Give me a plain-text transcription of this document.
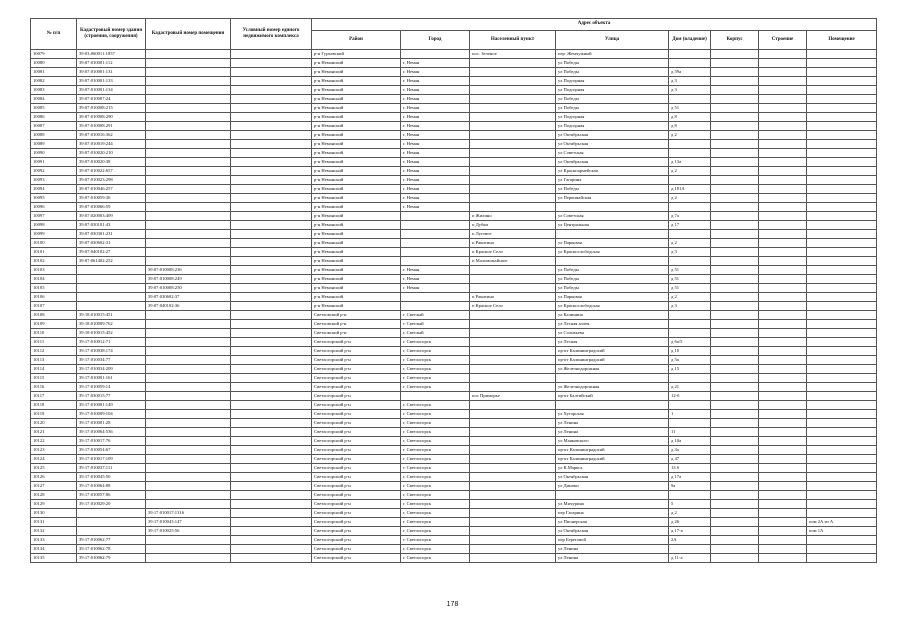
№ п/п	Кадастровый номер здания (строения, сооружения)	Кадастровый номер помещения	Условный номер единого недвижимого комплекса	Адрес объекта							
				Район	Город	Населенный пункт	Улица	Дом (владение)	Корпус	Строение	Помещение
10079	39:03:060011:1857			р-н Гурьевский		пос. Зеленое	пер. Жемчужный				
10080	39:07:010001:112			р-н Неманский	г. Неман		ул Победы				
10081	39:07:010001:131			р-н Неманский	г. Неман		ул Победы	д 59а			
10082	39:07:010001:133			р-н Неманский	г. Неман		ул Подгорная	д 3			
10083	39:07:010001:134			р-н Неманский	г. Неман		ул Подгорная	д 3			
10084	39:07:010007:24			р-н Неманский	г. Неман		ул Победы				
10085	39:07:010008:215			р-н Неманский	г. Неман		ул Победы	д 51			
10086	39:07:010008:290			р-н Неманский	г. Неман		ул Подгорная	д 8			
10087	39:07:010008:291			р-н Неманский	г. Неман		ул Подгорная	д 8			
10088	39:07:010016:362			р-н Неманский	г. Неман		ул Октябрьская	д 2			
10089	39:07:010019:244			р-н Неманский	г. Неман		ул Октябрьская				
10090	39:07:010020:210			р-н Неманский	г. Неман		ул Советская				
10091	39:07:010020:38			р-н Неманский	г. Неман		ул Октябрьская	д 13а			
10092	39:07:010022:657			р-н Неманский	г. Неман		ул Красноармейская	д 2			
10093	39:07:010023:298			р-н Неманский	г. Неман		ул Гагарина				
10094	39:07:010046:257			р-н Неманский	г. Неман		ул Победы	д 181А			
10095	39:07:010059:36			р-н Неманский	г. Неман		ул Первомайская	д 2			
10096	39:07:010066:59			р-н Неманский	г. Неман						
10097	39:07:020003:409			р-н Неманский		п Жилино	ул Советская	д 7а			
10098	39:07:030101:43			р-н Неманский		п Дубки	ул Центральная	д 17			
10099	39:07:030301:231			р-н Неманский		п Луговое					
10100	39:07:030602:31			р-н Неманский		п Ракитино	ул Парковая	д 2			
10101	39:07:040102:27			р-н Неманский		п Красное Село	ул Краснослободская	д 3			
10102	39:07:061402:252			р-н Неманский		п Маломожайское					
10103		39:07:010008:236		р-н Неманский	г. Неман		ул Победы	д 51			
10104		39:07:010008:249		р-н Неманский	г. Неман		ул Победы	д 51			
10105		39:07:010008:250		р-н Неманский	г. Неман		ул Победы	д 51			
10106		39:07:030602:37		р-н Неманский		п Ракитино	ул Парковая	д 2			
10107		39:07:040102:36		р-н Неманский		п Красное Село	ул Краснослободская	д 3			
10108	39:18:010015:451			Светловский р-н	г. Светлый		ул Калинина				
10109	39:18:010009:762			Светловский р-н	г. Светлый		ул Лесная аллея				
10110	39:18:010015:452			Светловский р-н	г. Светлый		ул Соловьева				
10111	39:17:010012:71			Светлогорский р-н	г. Светлогорск		ул Лесная	д 6а/5			
10112	39:17:010038:174			Светлогорский р-н	г. Светлогорск		пр-кт Калининградский	д 10			
10113	39:17:010034:77			Светлогорский р-н	г. Светлогорск		пр-кт Калининградский	д 5а			
10114	39:17:010034:209			Светлогорский р-н	г. Светлогорск		ул Железнодорожная	д 15			
10115	39:17:010001:161			Светлогорский р-н	г. Светлогорск						
10116	39:17:010059:14			Светлогорский р-н	г. Светлогорск		ул Железнодорожная	д 21			
10117	39:17:030015:77			Светлогорский р-н		пос Приморье	пр-кт Балтийский	12-б			
10118	39:17:010001:149			Светлогорский р-н	г. Светлогорск						
10119	39:17:010009:104			Светлогорский р-н	г. Светлогорск		ул Хуторская	1			
10120	39:17:010001:28			Светлогорский р-н	г. Светлогорск		ул Ленина				
10121	39:17:010064:536			Светлогорский р-н	г. Светлогорск		ул Ленина	11			
10122	39:17:010017:76			Светлогорский р-н	г. Светлогорск		ул Маяковского	д 10а			
10123	39:17:010054:67			Светлогорский р-н	г. Светлогорск		пр-кт Калининградский	д 3а			
10124	39:17:010017:109			Светлогорский р-н	г. Светлогорск		пр-кт Калининградский	д 47			
10125	39:17:010037:111			Светлогорский р-н	г. Светлогорск		ул К.Маркса	13 б			
10126	39:17:010045:50			Светлогорский р-н	г. Светлогорск		ул Октябрьская	д 17а			
10127	39:17:010064:88			Светлогорский р-н	г. Светлогорск		ул Динамо	9а			
10128	39:17:010057:86			Светлогорский р-н	г. Светлогорск						
10129	39:17:010029:20			Светлогорский р-н	г. Светлогорск		ул Мичурина	5			
10130		39:17:010017:1316		Светлогорский р-н	г. Светлогорск		пер Гагарина	д 2			
10131		39:17:010043:147		Светлогорский р-н	г. Светлогорск		ул Пионерская	д 26			пом 2А из А
10132		39:17:010025:56		Светлогорский р-н	г. Светлогорск		ул Октябрьская	д 17-а			пом 1А
10133	39:17:010062:77			Светлогорский р-н	г. Светлогорск		пер Береговой	2А			
10134	39:17:010062:78			Светлогорский р-н	г. Светлогорск		ул Ленина				
10135	39:17:010062:79			Светлогорский р-н	г. Светлогорск		ул Ленина	д 11-а			
178
